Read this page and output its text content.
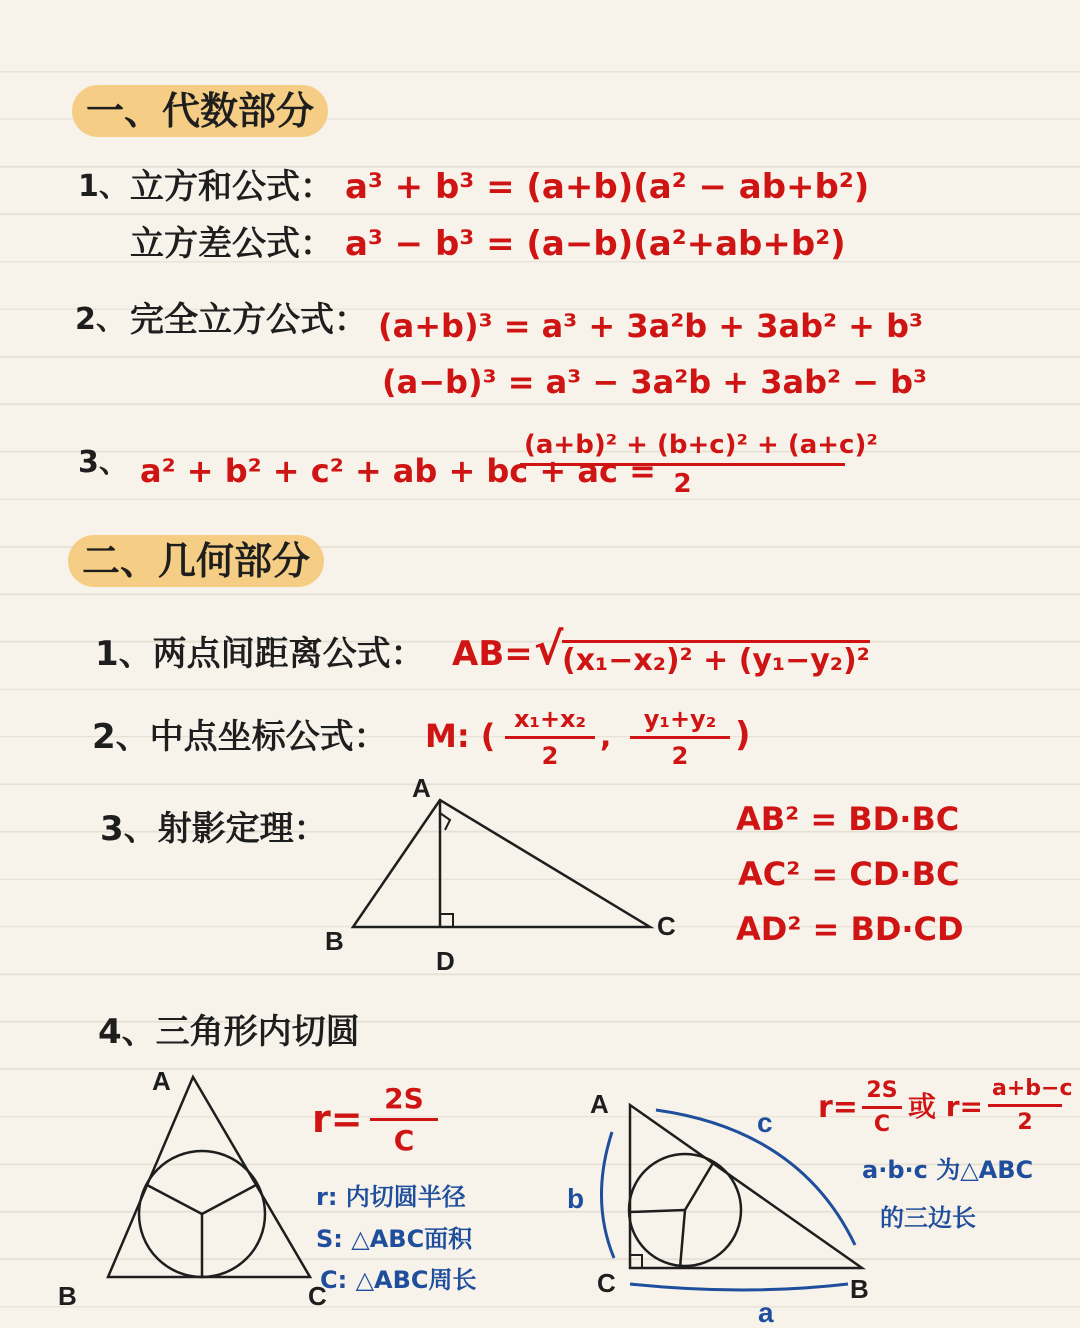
一、代数部分
1、 立方和公式： a³ + b³ = (a+b)(a² − ab+b²)
立方差公式： a³ − b³ = (a−b)(a²+ab+b²)
2、 完全立方公式： (a+b)³ = a³ + 3a²b + 3ab² + b³
(a−b)³ = a³ − 3a²b + 3ab² − b³
3、 a² + b² + c² + ab + bc + ac =
$\frac{\text{(a+b)² + (b+c)² + (a+c)²}}{2}$
二、几何部分
1、两点间距离公式： AB= √
(x₁−x₂)² + (y₁−y₂)²
2、中点坐标公式： M: ( $\frac{\text{x₁+x₂}}{2}$ , $\frac{\text{y₁+y₂}}{2}$ )
3、射影定理：
A
B	C
D
AB² = BD·BC
AC² = CD·BC
AD² = BD·CD
4、三角形内切圆
A
B	C
$r= \frac{2S}{C}$
r: 内切圆半径
S: △ABC面积
C: △ABC周长
A
B
C
a
b
c $r= \frac{2S}{C}$ 或 $r= \frac{a+b-c}{2}$
a·b·c 为△ABC
的三边长
